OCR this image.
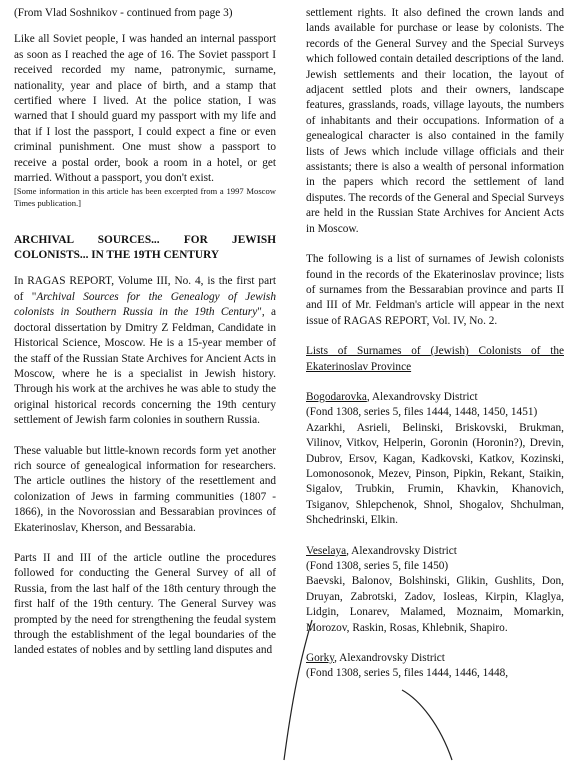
(From Vlad Soshnikov - continued from page 3)

Like all Soviet people, I was handed an internal passport as soon as I reached the age of 16. The Soviet passport I received recorded my name, patronymic, surname, nationality, year and place of birth, and a stamp that certified where I lived. At the police station, I was warned that I should guard my passport with my life and that if I lost the passport, I could expect a fine or even criminal punishment. One must show a passport to receive a postal order, book a room in a hotel, or get married. Without a passport, you don't exist.

[Some information in this article has been excerpted from a 1997 Moscow Times publication.]

ARCHIVAL SOURCES... FOR JEWISH COLONISTS... IN THE 19TH CENTURY

In RAGAS REPORT, Volume III, No. 4, is the first part of "Archival Sources for the Genealogy of Jewish colonists in Southern Russia in the 19th Century", a doctoral dissertation by Dmitry Z Feldman, Candidate in Historical Science, Moscow. He is a 15-year member of the staff of the Russian State Archives for Ancient Acts in Moscow, where he is a specialist in Jewish history. Through his work at the archives he was able to study the original historical records concerning the 19th century settlement of Jewish farm colonies in southern Russia.

These valuable but little-known records form yet another rich source of genealogical information for researchers. The article outlines the history of the resettlement and colonization of Jews in farming communities (1807 - 1866), in the Novorossian and Bessarabian provinces of Ekaterinoslav, Kherson, and Bessarabia.

Parts II and III of the article outline the procedures followed for conducting the General Survey of all of Russia, from the last half of the 18th century through the first half of the 19th century. The General Survey was prompted by the need for strengthening the feudal system through the establishment of the legal boundaries of the landed estates of nobles and by settling land disputes and

settlement rights. It also defined the crown lands and lands available for purchase or lease by colonists. The records of the General Survey and the Special Surveys which followed contain detailed descriptions of the land. Jewish settlements and their location, the layout of adjacent settled plots and their owners, landscape features, grasslands, roads, village layouts, the numbers of inhabitants and their occupations. Information of a genealogical character is also contained in the family lists of Jews which include village officials and their assistants; there is also a wealth of personal information in the papers which record the settlement of land disputes. The records of the General and Special Surveys are held in the Russian State Archives for Ancient Acts in Moscow.

The following is a list of surnames of Jewish colonists found in the records of the Ekaterinoslav province; lists of surnames from the Bessarabian province and parts II and III of Mr. Feldman's article will appear in the next issue of RAGAS REPORT, Vol. IV, No. 2.

Lists of Surnames of (Jewish) Colonists of the Ekaterinoslav Province

Bogodarovka, Alexandrovsky District

(Fond 1308, series 5, files 1444, 1448, 1450, 1451)

Azarkhi, Asrieli, Belinski, Briskovski, Brukman, Vilinov, Vitkov, Helperin, Goronin (Horonin?), Drevin, Dubrov, Ersov, Kagan, Kadkovski, Katkov, Kozinski, Lomonosonok, Mezev, Pinson, Pipkin, Rekant, Staikin, Sigalov, Trubkin, Frumin, Khavkin, Khanovich, Tsiganov, Shlepchenok, Shnol, Shogalov, Shchulman, Shchedrinski, Elkin.

Veselaya, Alexandrovsky District

(Fond 1308, series 5, file 1450)

Baevski, Balonov, Bolshinski, Glikin, Gushlits, Don, Druyan, Zabrotski, Zadov, Iosleas, Kirpin, Klaglya, Lidgin, Lonarev, Malamed, Moznaim, Momarkin, Morozov, Raskin, Rosas, Khlebnik, Shapiro.

Gorky, Alexandrovsky District

(Fond 1308, series 5, files 1444, 1446, 1448,
